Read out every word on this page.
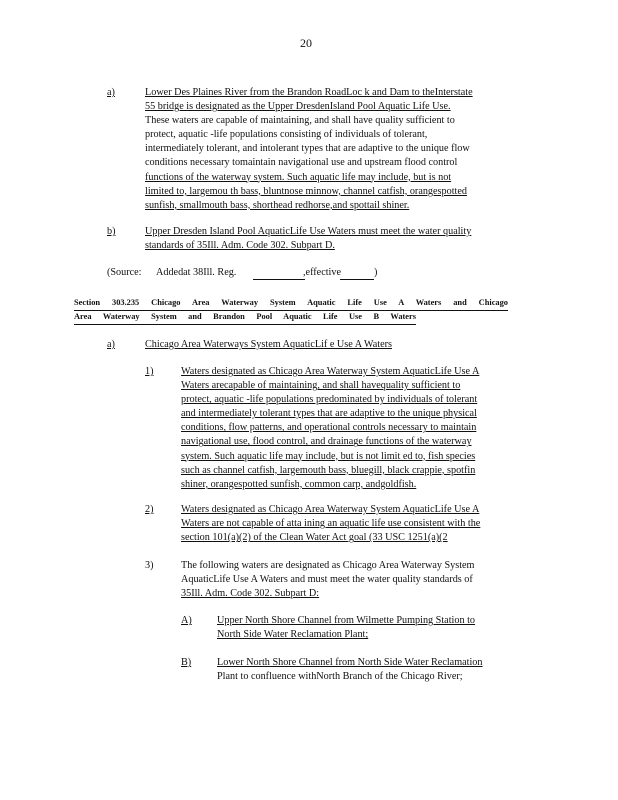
20
a)	Lower Des Plaines River from the Brandon RoadLoc k and Dam to theInterstate
55 bridge is designated as the Upper DresdenIsland Pool Aquatic Life Use.
These waters are capable of maintaining, and shall have quality sufficient to
protect, aquatic -life populations consisting of individuals of tolerant,
intermediately tolerant, and intolerant types that are adaptive to the unique flow
conditions necessary tomaintain navigational use and upstream flood control
functions of the waterway system. Such aquatic life may include, but is not
limited to, largemou th bass, bluntnose minnow, channel catfish, orangespotted
sunfish, smallmouth bass, shorthead redhorse,and spottail shiner.
b)	Upper Dresden Island Pool AquaticLife Use Waters must meet the water quality
standards of 35Ill. Adm. Code 302. Subpart D.
(Source: Addedat 38Ill. Reg.	,effective	)
Section 303.235 Chicago Area Waterway System Aquatic Life Use A Waters and Chicago
Area Waterway System and Brandon Pool Aquatic Life Use B Waters
a)	Chicago Area Waterways System AquaticLif e Use A Waters
1)	Waters designated as Chicago Area Waterway System AquaticLife Use A
Waters arecapable of maintaining, and shall havequality sufficient to
protect, aquatic -life populations predominated by individuals of tolerant
and intermediately tolerant types that are adaptive to the unique physical
conditions, flow patterns, and operational controls necessary to maintain
navigational use, flood control, and drainage functions of the waterway
system. Such aquatic life may include, but is not limit ed to, fish species
such as channel catfish, largemouth bass, bluegill, black crappie, spotfin
shiner, orangespotted sunfish, common carp, andgoldfish.
2)	Waters designated as Chicago Area Waterway System AquaticLife Use A
Waters are not capable of atta ining an aquatic life use consistent with the
section 101(a)(2) of the Clean Water Act goal (33 USC 1251(a)(2
3)	The following waters are designated as Chicago Area Waterway System
AquaticLife Use A Waters and must meet the water quality standards of
35Ill. Adm. Code 302. Subpart D:
A) Upper North Shore Channel from Wilmette Pumping Station to
North Side Water Reclamation Plant;
B)	Lower North Shore Channel from North Side Water Reclamation
Plant to confluence withNorth Branch of the Chicago River;
